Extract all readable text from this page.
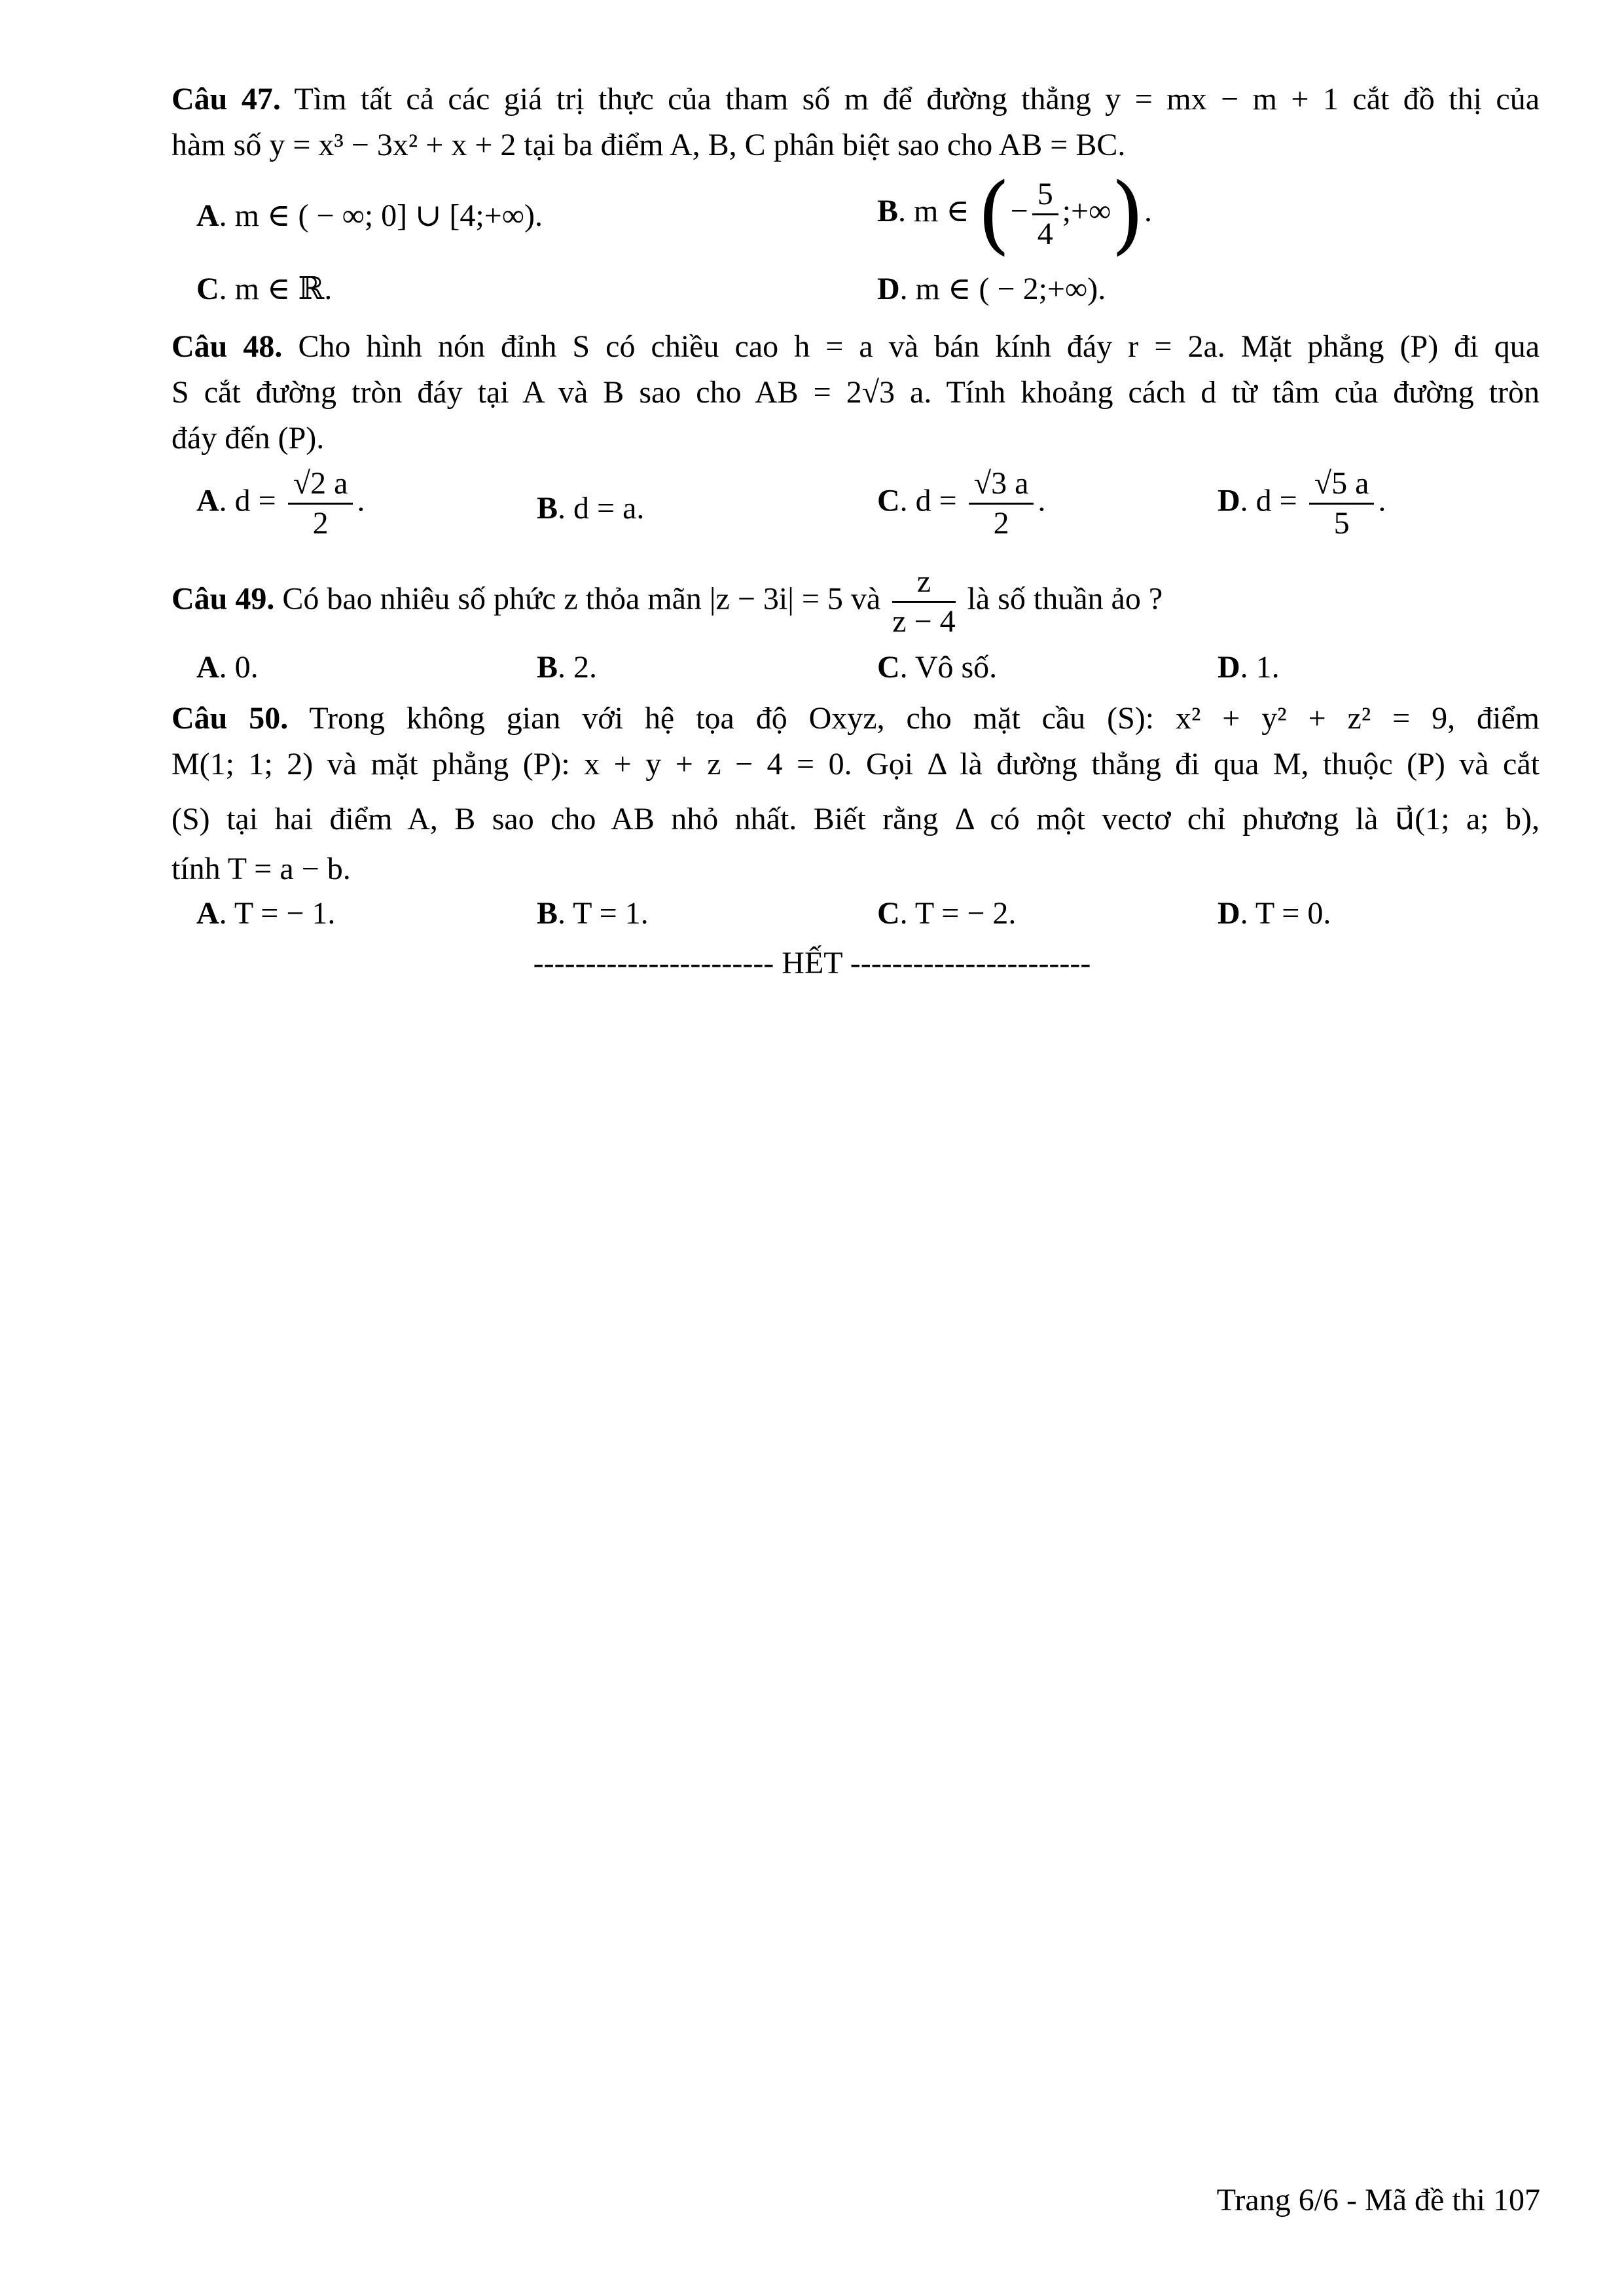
Câu 47. Tìm tất cả các giá trị thực của tham số m để đường thẳng y = mx − m + 1 cắt đồ thị của
hàm số y = x³ − 3x² + x + 2 tại ba điểm A, B, C phân biệt sao cho AB = BC.
A. m ∈ ( − ∞; 0] ∪ [4;+∞).	B. m ∈ (− $\frac{5}{4}$ ;+∞).
C. m ∈ ℝ.	D. m ∈ ( − 2;+∞).
Câu 48. Cho hình nón đỉnh S có chiều cao h = a và bán kính đáy r = 2a. Mặt phẳng (P) đi qua
S cắt đường tròn đáy tại A và B sao cho AB = 2√3 a. Tính khoảng cách d từ tâm của đường tròn
đáy đến (P).
A. $d = \frac{√2 a}{2}$ .	B. d = a.	C. $d = \frac{√3 a}{2}$ .	D. $d = \frac{√5 a}{5}$ .
Câu 49. Có bao nhiêu số phức z thỏa mãn |z − 3i| = 5 và $\frac{z}{z - 4}$ là số thuần ảo ?
A. 0.	B. 2.	C. Vô số.	D. 1.
Câu 50. Trong không gian với hệ tọa độ Oxyz, cho mặt cầu (S): x² + y² + z² = 9, điểm
M(1; 1; 2) và mặt phẳng (P): x + y + z − 4 = 0. Gọi Δ là đường thẳng đi qua M, thuộc (P) và cắt
(S) tại hai điểm A, B sao cho AB nhỏ nhất. Biết rằng Δ có một vectơ chỉ phương là u⃗(1; a; b),
tính T = a − b.
A. T = − 1.	B. T = 1.	C. T = − 2.	D. T = 0.
----------------------- HẾT -----------------------
Trang 6/6 - Mã đề thi 107
